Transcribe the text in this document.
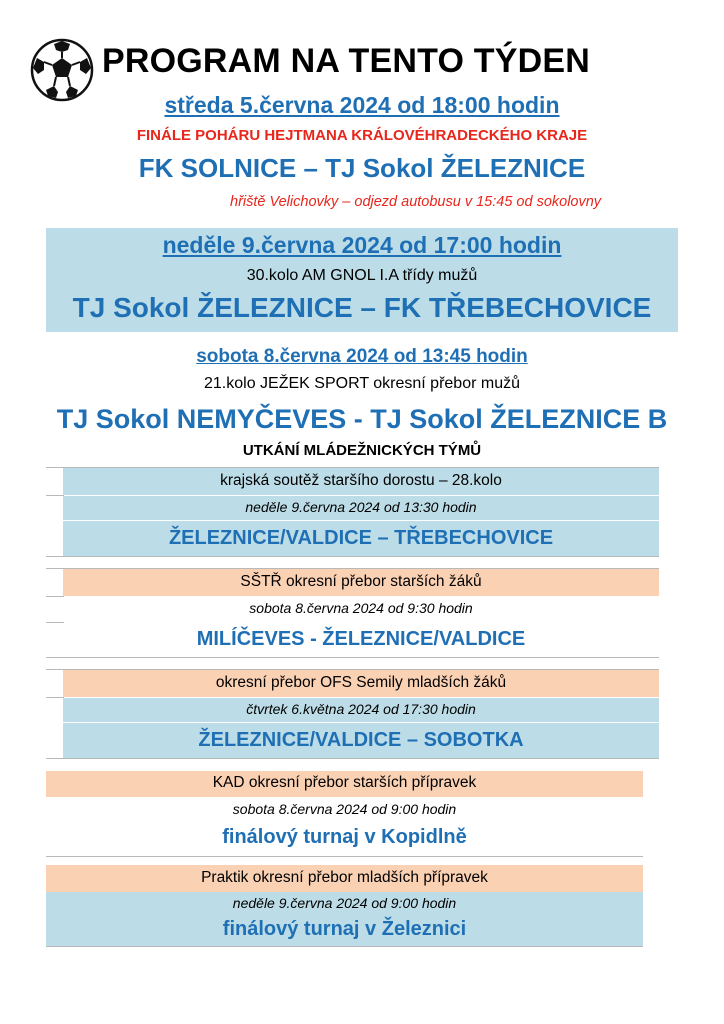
PROGRAM NA TENTO TÝDEN
středa 5.června 2024 od 18:00 hodin
FINÁLE POHÁRU HEJTMANA KRÁLOVÉHRADECKÉHO KRAJE
FK SOLNICE – TJ Sokol ŽELEZNICE
hřiště Velichovky – odjezd autobusu v 15:45 od sokolovny
neděle 9.června 2024 od 17:00 hodin
30.kolo AM GNOL I.A třídy mužů
TJ Sokol ŽELEZNICE – FK TŘEBECHOVICE
sobota 8.června 2024 od 13:45 hodin
21.kolo JEŽEK SPORT okresní přebor mužů
TJ Sokol NEMYČEVES - TJ Sokol ŽELEZNICE B
UTKÁNÍ MLÁDEŽNICKÝCH TÝMŮ
krajská soutěž staršího dorostu – 28.kolo
neděle 9.června 2024 od 13:30 hodin
ŽELEZNICE/VALDICE – TŘEBECHOVICE
SŠTŘ okresní přebor starších žáků
sobota 8.června 2024 od 9:30 hodin
MILÍČEVES - ŽELEZNICE/VALDICE
okresní přebor OFS Semily mladších žáků
čtvrtek 6.května 2024 od 17:30 hodin
ŽELEZNICE/VALDICE – SOBOTKA
KAD okresní přebor starších přípravek
sobota 8.června 2024 od 9:00 hodin
finálový turnaj v Kopidlně
Praktik okresní přebor mladších přípravek
neděle 9.června 2024 od 9:00 hodin
finálový turnaj v Železnici
